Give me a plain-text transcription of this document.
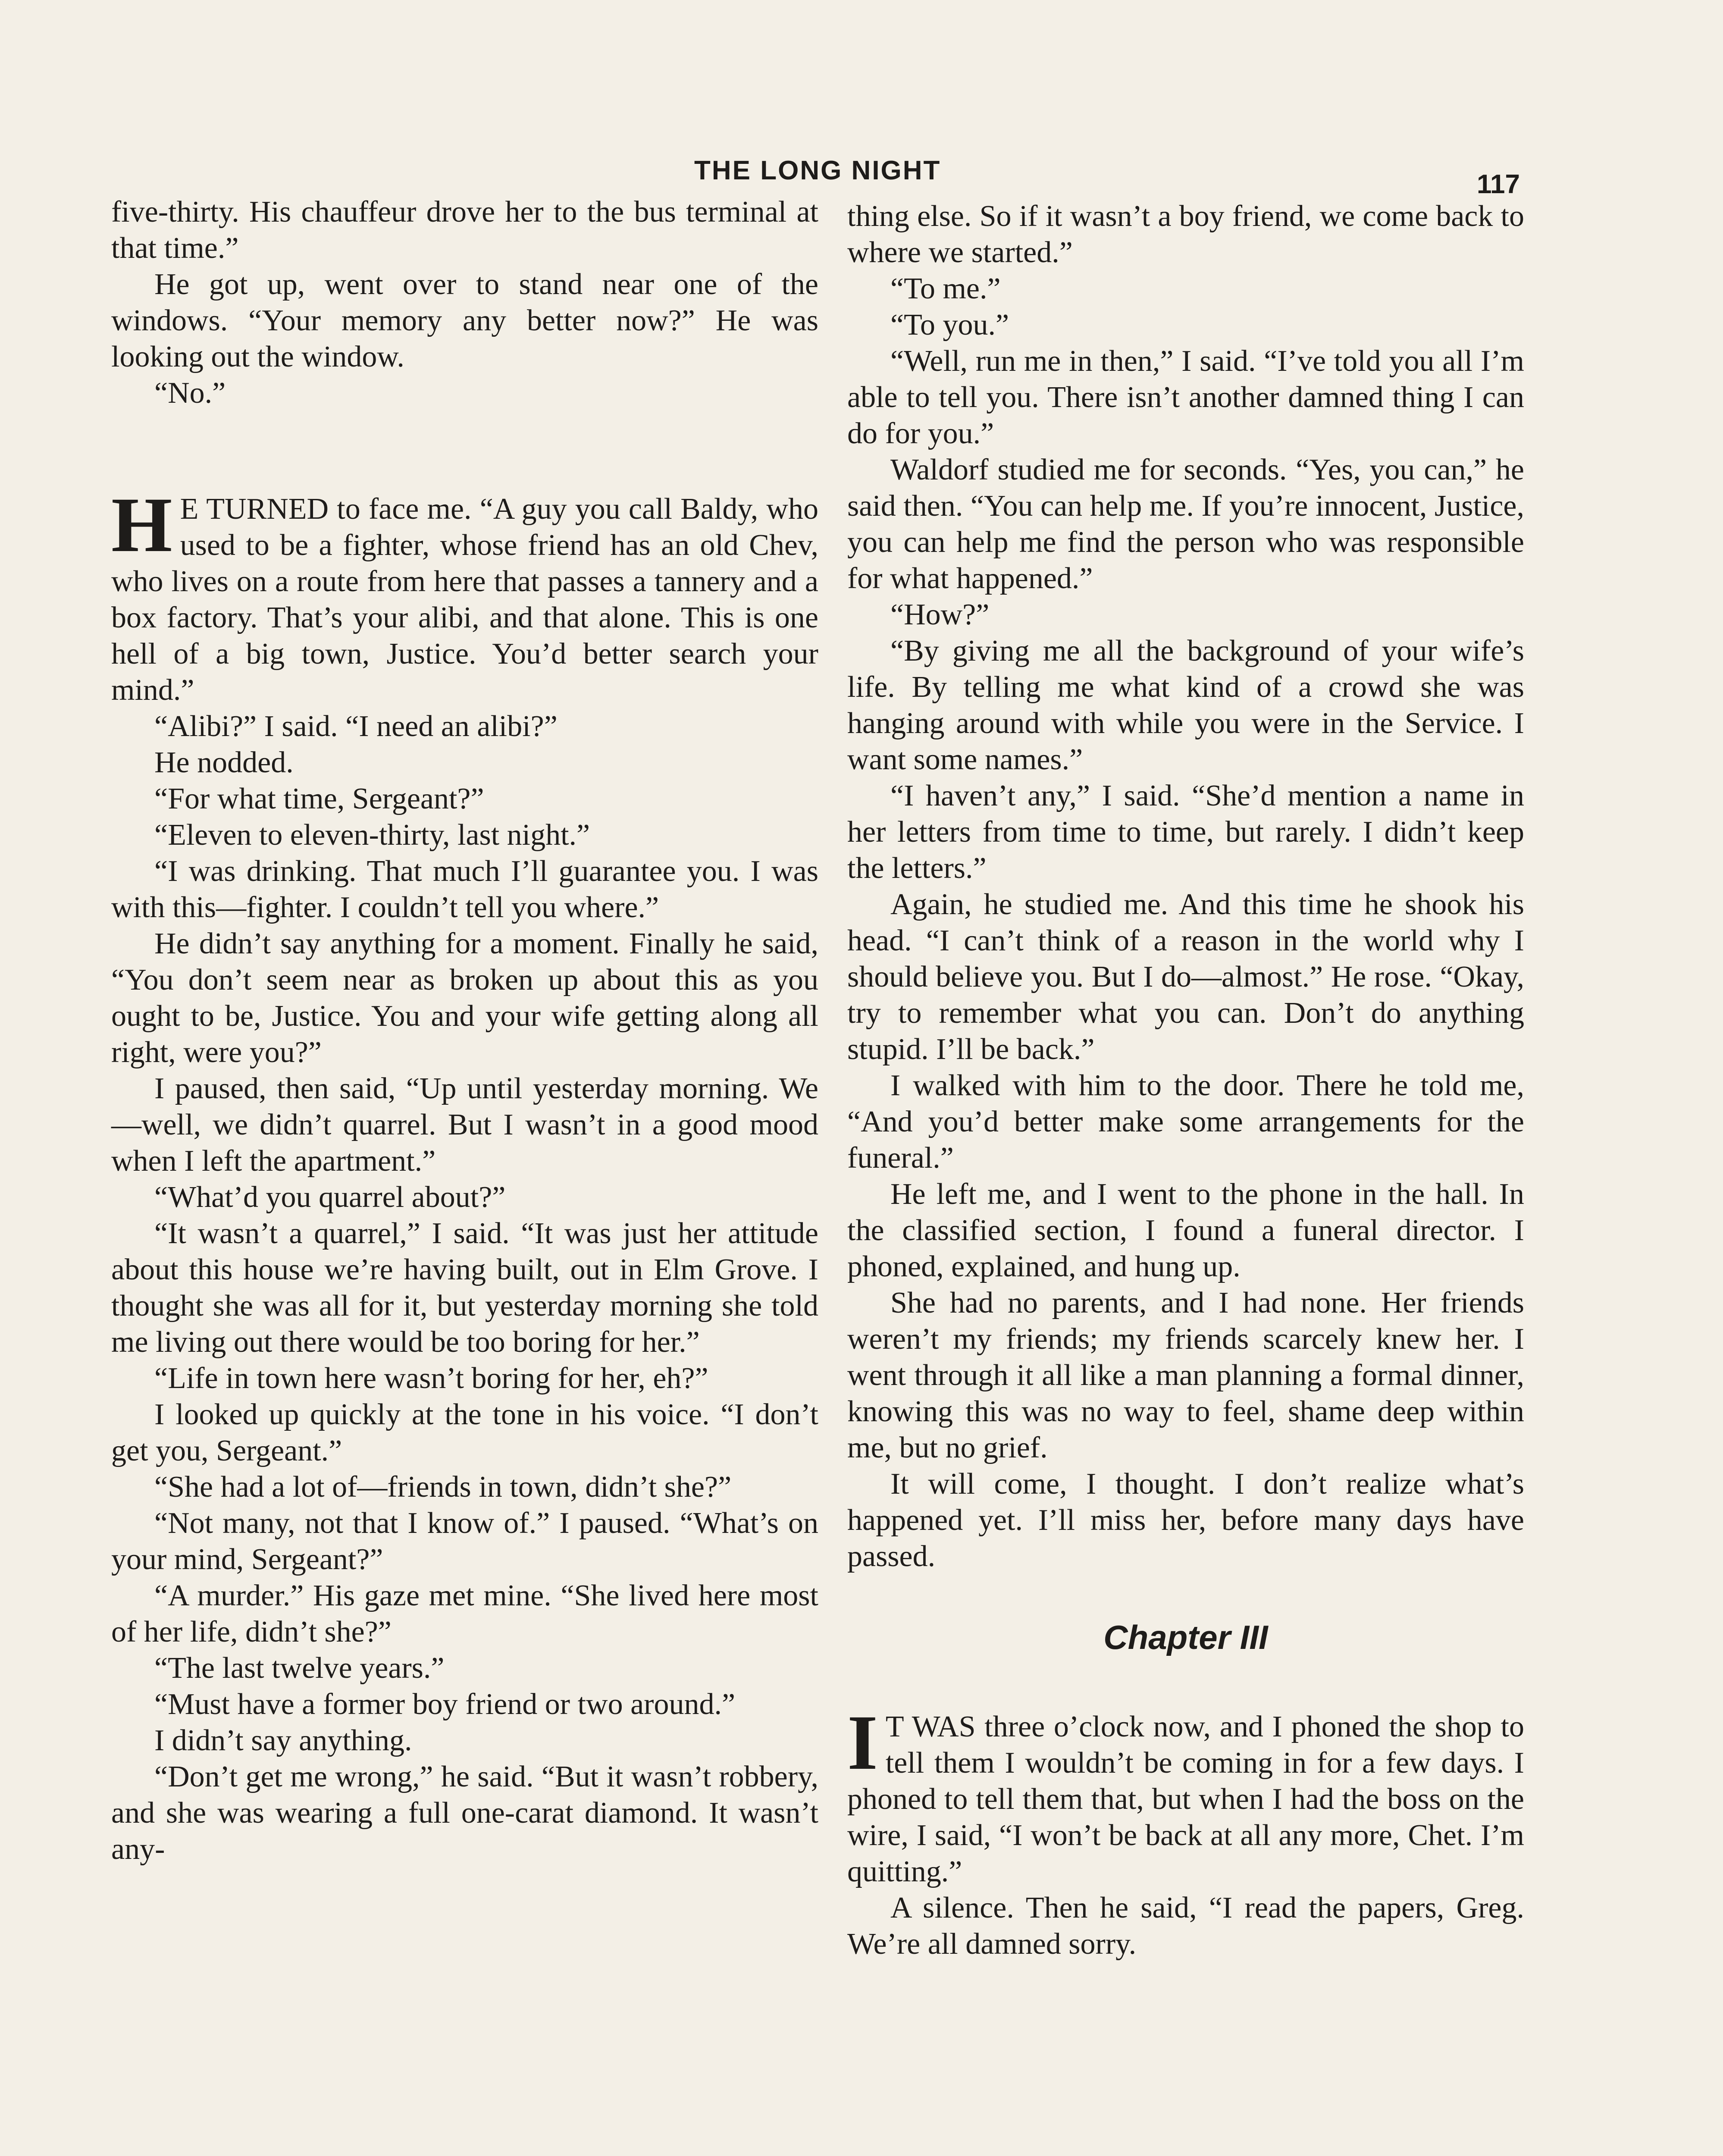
THE LONG NIGHT	117

five-thirty. His chauffeur drove her to the bus terminal at that time.”

He got up, went over to stand near one of the windows. “Your memory any better now?” He was looking out the window.

“No.”

H E TURNED to face me. “A guy you call Baldy, who used to be a fighter, whose friend has an old Chev, who lives on a route from here that passes a tannery and a box factory. That’s your alibi, and that alone. This is one hell of a big town, Justice. You’d better search your mind.”

“Alibi?” I said. “I need an alibi?”

He nodded.

“For what time, Sergeant?”

“Eleven to eleven-thirty, last night.”

“I was drinking. That much I’ll guarantee you. I was with this—fighter. I couldn’t tell you where.”

He didn’t say anything for a moment. Finally he said, “You don’t seem near as broken up about this as you ought to be, Justice. You and your wife getting along all right, were you?”

I paused, then said, “Up until yesterday morning. We—well, we didn’t quarrel. But I wasn’t in a good mood when I left the apartment.”

“What’d you quarrel about?”

“It wasn’t a quarrel,” I said. “It was just her attitude about this house we’re having built, out in Elm Grove. I thought she was all for it, but yesterday morning she told me living out there would be too boring for her.”

“Life in town here wasn’t boring for her, eh?”

I looked up quickly at the tone in his voice. “I don’t get you, Sergeant.”

“She had a lot of—friends in town, didn’t she?”

“Not many, not that I know of.” I paused. “What’s on your mind, Sergeant?”

“A murder.” His gaze met mine. “She lived here most of her life, didn’t she?”

“The last twelve years.”

“Must have a former boy friend or two around.”

I didn’t say anything.

“Don’t get me wrong,” he said. “But it wasn’t robbery, and she was wearing a full one-carat diamond. It wasn’t any-

thing else. So if it wasn’t a boy friend, we come back to where we started.”

“To me.”

“To you.”

“Well, run me in then,” I said. “I’ve told you all I’m able to tell you. There isn’t another damned thing I can do for you.”

Waldorf studied me for seconds. “Yes, you can,” he said then. “You can help me. If you’re innocent, Justice, you can help me find the person who was responsible for what happened.”

“How?”

“By giving me all the background of your wife’s life. By telling me what kind of a crowd she was hanging around with while you were in the Service. I want some names.”

“I haven’t any,” I said. “She’d mention a name in her letters from time to time, but rarely. I didn’t keep the letters.”

Again, he studied me. And this time he shook his head. “I can’t think of a reason in the world why I should believe you. But I do—almost.” He rose. “Okay, try to remember what you can. Don’t do anything stupid. I’ll be back.”

I walked with him to the door. There he told me, “And you’d better make some arrangements for the funeral.”

He left me, and I went to the phone in the hall. In the classified section, I found a funeral director. I phoned, explained, and hung up.

She had no parents, and I had none. Her friends weren’t my friends; my friends scarcely knew her. I went through it all like a man planning a formal dinner, knowing this was no way to feel, shame deep within me, but no grief.

It will come, I thought. I don’t realize what’s happened yet. I’ll miss her, before many days have passed.

Chapter III

I T WAS three o’clock now, and I phoned the shop to tell them I wouldn’t be coming in for a few days. I phoned to tell them that, but when I had the boss on the wire, I said, “I won’t be back at all any more, Chet. I’m quitting.”

A silence. Then he said, “I read the papers, Greg. We’re all damned sorry.
